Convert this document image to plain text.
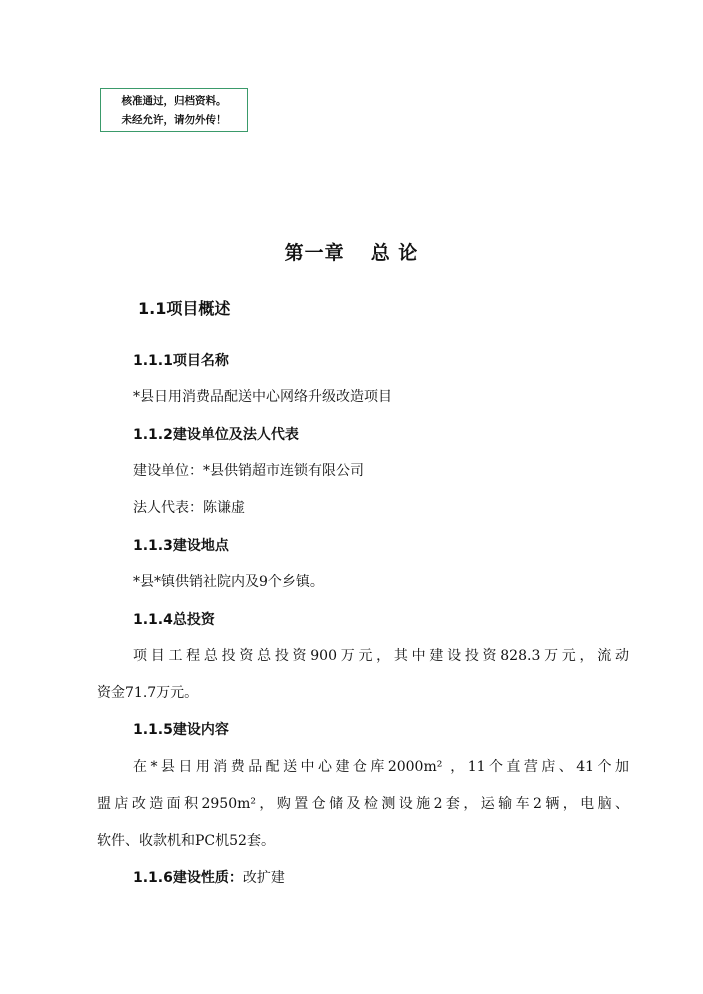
核准通过，归档资料。
未经允许，请勿外传！
第一章 总 论
1.1项目概述
1.1.1项目名称
*县日用消费品配送中心网络升级改造项目
1.1.2建设单位及法人代表
建设单位：*县供销超市连锁有限公司
法人代表：陈谦虚
1.1.3建设地点
*县*镇供销社院内及9个乡镇。
1.1.4总投资
项目工程总投资总投资900万元，其中建设投资828.3万元，流动
资金71.7万元。
1.1.5建设内容
在*县日用消费品配送中心建仓库2000m² ，11个直营店、41个加
盟店改造面积2950m²，购置仓储及检测设施2套，运输车2辆，电脑、
软件、收款机和PC机52套。
1.1.6建设性质：改扩建
